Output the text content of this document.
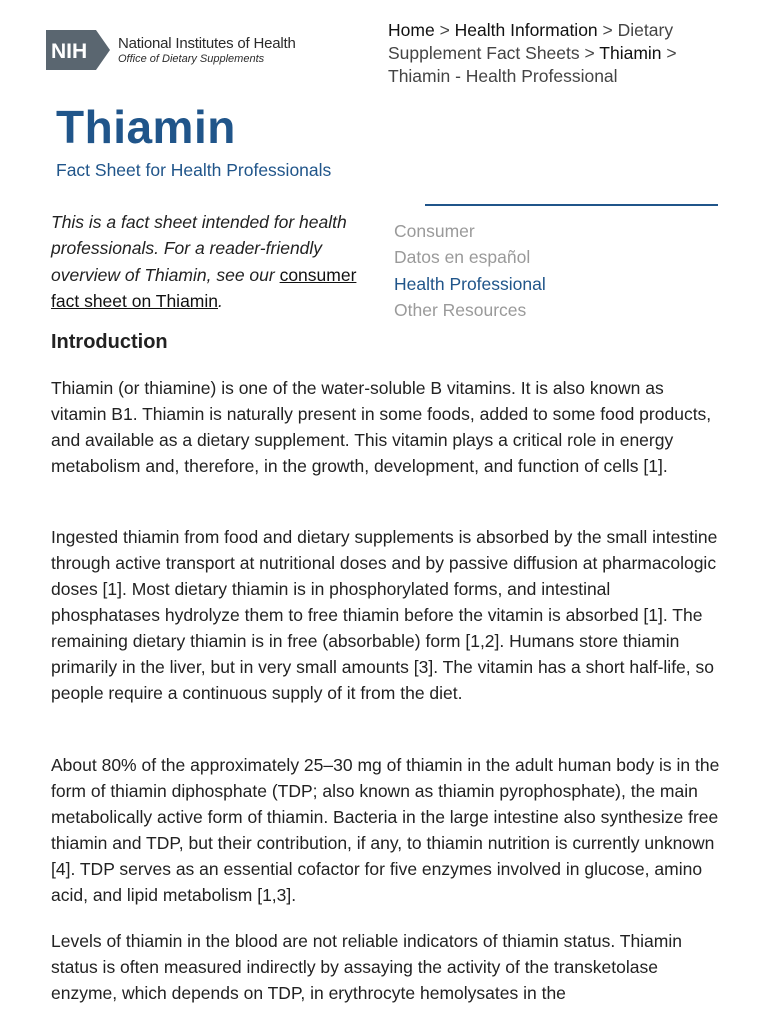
NIH National Institutes of Health
Office of Dietary Supplements
Home > Health Information > Dietary Supplement Fact Sheets > Thiamin > Thiamin - Health Professional
Thiamin
Fact Sheet for Health Professionals
Consumer
Datos en español
Health Professional
Other Resources

This is a fact sheet intended for health professionals. For a reader-friendly overview of Thiamin, see our consumer fact sheet on Thiamin.

Introduction

Thiamin (or thiamine) is one of the water-soluble B vitamins. It is also known as vitamin B1. Thiamin is naturally present in some foods, added to some food products, and available as a dietary supplement. This vitamin plays a critical role in energy metabolism and, therefore, in the growth, development, and function of cells [1].

Ingested thiamin from food and dietary supplements is absorbed by the small intestine through active transport at nutritional doses and by passive diffusion at pharmacologic doses [1]. Most dietary thiamin is in phosphorylated forms, and intestinal phosphatases hydrolyze them to free thiamin before the vitamin is absorbed [1]. The remaining dietary thiamin is in free (absorbable) form [1,2]. Humans store thiamin primarily in the liver, but in very small amounts [3]. The vitamin has a short half-life, so people require a continuous supply of it from the diet.

About 80% of the approximately 25–30 mg of thiamin in the adult human body is in the form of thiamin diphosphate (TDP; also known as thiamin pyrophosphate), the main metabolically active form of thiamin. Bacteria in the large intestine also synthesize free thiamin and TDP, but their contribution, if any, to thiamin nutrition is currently unknown [4]. TDP serves as an essential cofactor for five enzymes involved in glucose, amino acid, and lipid metabolism [1,3].

Levels of thiamin in the blood are not reliable indicators of thiamin status. Thiamin status is often measured indirectly by assaying the activity of the transketolase enzyme, which depends on TDP, in erythrocyte hemolysates in the
